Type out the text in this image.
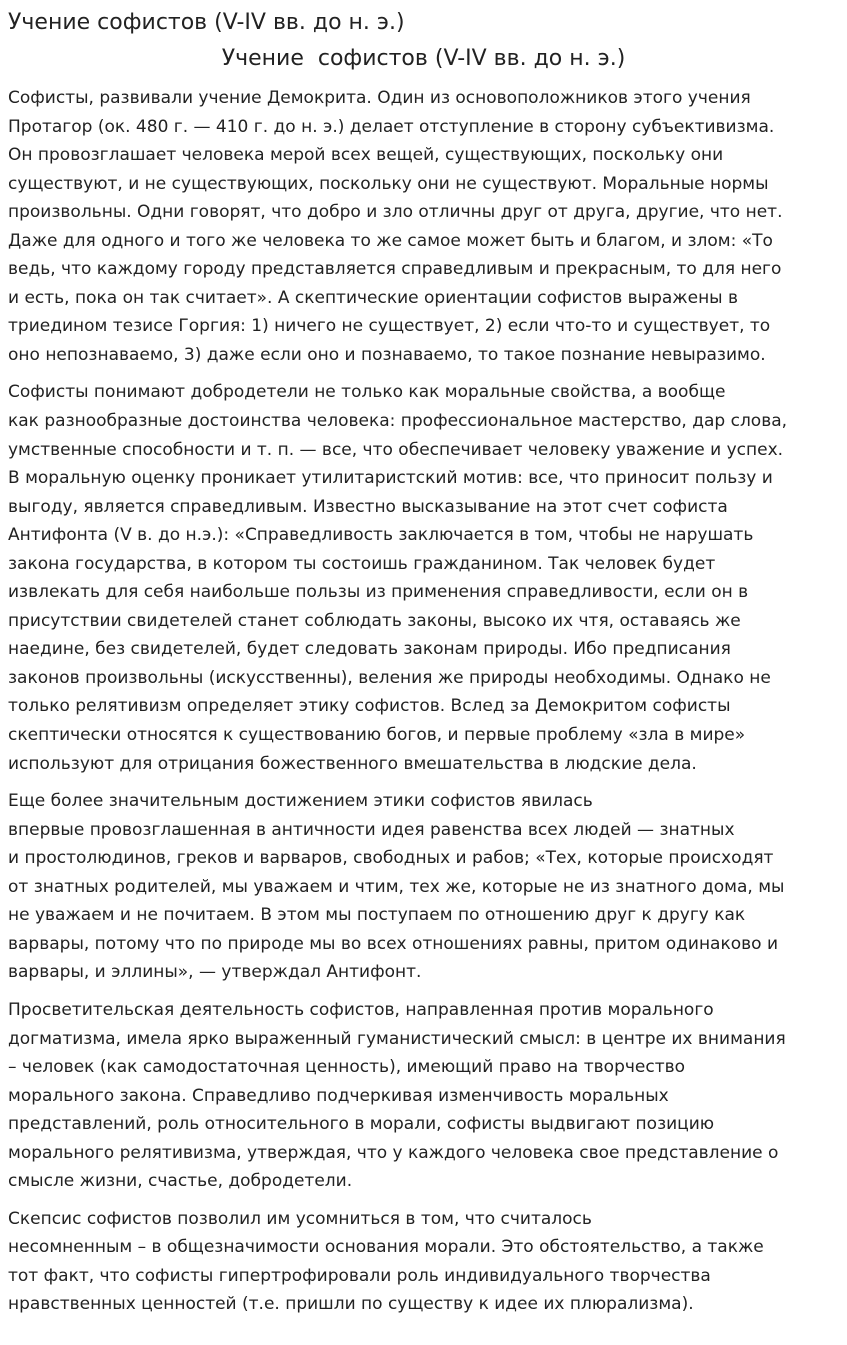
Учение софистов (V-IV вв. до н. э.)
Учение  софистов (V-IV вв. до н. э.)

Софисты, развивали учение Демокрита. Один из основоположников этого учения
Протагор (ок. 480 г. — 410 г. до н. э.) делает отступление в сторону субъективизма.
Он провозглашает человека мерой всех вещей, существующих, поскольку они
существуют, и не существующих, поскольку они не существуют. Моральные нормы
произвольны. Одни говорят, что добро и зло отличны друг от друга, другие, что нет.
Даже для одного и того же человека то же самое может быть и благом, и злом: «То
ведь, что каждому городу представляется справедливым и прекрасным, то для него
и есть, пока он так считает». А скептические ориентации софистов выражены в
триедином тезисе Горгия: 1) ничего не существует, 2) если что-то и существует, то
оно непознаваемо, 3) даже если оно и познаваемо, то такое познание невыразимо.

Софисты понимают добродетели не только как моральные свойства, а вообще
как разнообразные достоинства человека: профессиональное мастерство, дар слова,
умственные способности и т. п. — все, что обеспечивает человеку уважение и успех.
В моральную оценку проникает утилитаристский мотив: все, что приносит пользу и
выгоду, является справедливым. Известно высказывание на этот счет софиста
Антифонта (V в. до н.э.): «Справедливость заключается в том, чтобы не нарушать
закона государства, в котором ты состоишь гражданином. Так человек будет
извлекать для себя наибольше пользы из применения справедливости, если он в
присутствии свидетелей станет соблюдать законы, высоко их чтя, оставаясь же
наедине, без свидетелей, будет следовать законам природы. Ибо предписания
законов произвольны (искусственны), веления же природы необходимы. Однако не
только релятивизм определяет этику софистов. Вслед за Демокритом софисты
скептически относятся к существованию богов, и первые проблему «зла в мире»
используют для отрицания божественного вмешательства в людские дела.

Еще более значительным достижением этики софистов явилась
впервые провозглашенная в античности идея равенства всех людей — знатных
и простолюдинов, греков и варваров, свободных и рабов; «Тех, которые происходят
от знатных родителей, мы уважаем и чтим, тех же, которые не из знатного дома, мы
не уважаем и не почитаем. В этом мы поступаем по отношению друг к другу как
варвары, потому что по природе мы во всех отношениях равны, притом одинаково и
варвары, и эллины», — утверждал Антифонт.

Просветительская деятельность софистов, направленная против морального
догматизма, имела ярко выраженный гуманистический смысл: в центре их внимания
– человек (как самодостаточная ценность), имеющий право на творчество
морального закона. Справедливо подчеркивая изменчивость моральных
представлений, роль относительного в морали, софисты выдвигают позицию
морального релятивизма, утверждая, что у каждого человека свое представление о
смысле жизни, счастье, добродетели.

Скепсис софистов позволил им усомниться в том, что считалось
несомненным – в общезначимости основания морали. Это обстоятельство, а также
тот факт, что софисты гипертрофировали роль индивидуального творчества
нравственных ценностей (т.е. пришли по существу к идее их плюрализма).
